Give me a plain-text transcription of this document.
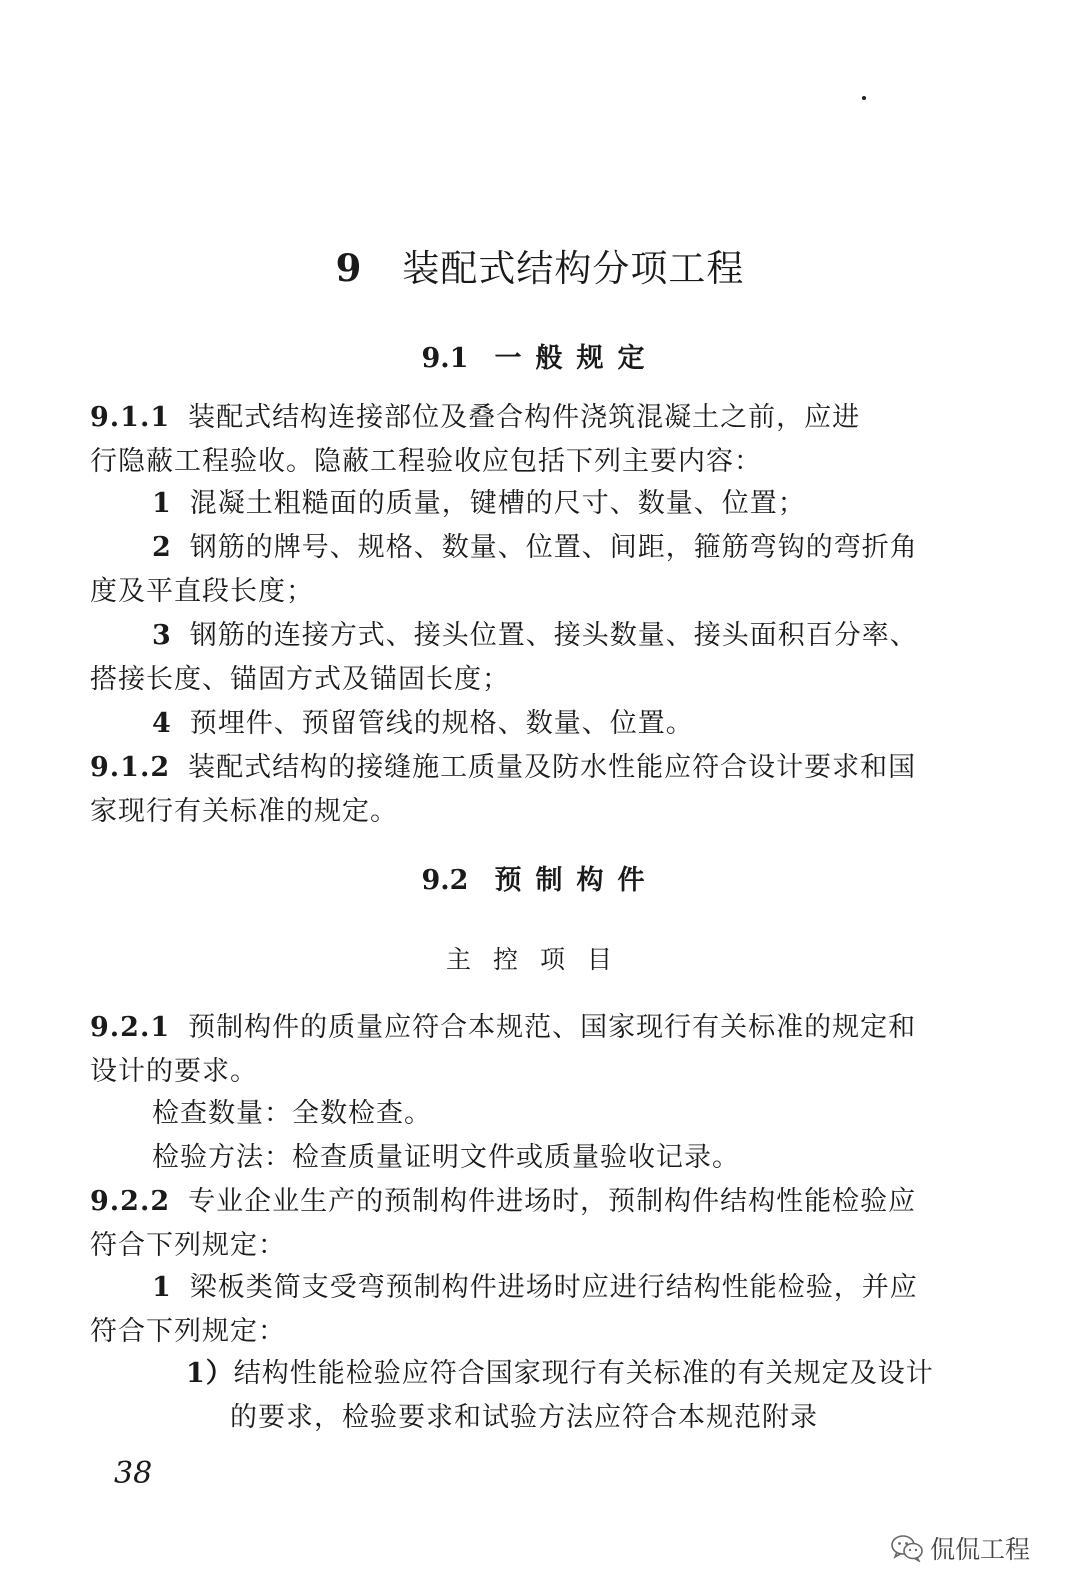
9 装配式结构分项工程
9.1 一般规定
9.1.1 装配式结构连接部位及叠合构件浇筑混凝土之前，应进
行隐蔽工程验收。隐蔽工程验收应包括下列主要内容：
1 混凝土粗糙面的质量，键槽的尺寸、数量、位置；
2 钢筋的牌号、规格、数量、位置、间距，箍筋弯钩的弯折角度及平直段长度；
3 钢筋的连接方式、接头位置、接头数量、接头面积百分率、搭接长度、锚固方式及锚固长度；
4 预埋件、预留管线的规格、数量、位置。
9.1.2 装配式结构的接缝施工质量及防水性能应符合设计要求和国家现行有关标准的规定。
9.2 预制构件
主控项目
9.2.1 预制构件的质量应符合本规范、国家现行有关标准的规定和设计的要求。
检查数量：全数检查。
检验方法：检查质量证明文件或质量验收记录。
9.2.2 专业企业生产的预制构件进场时，预制构件结构性能检验应符合下列规定：
1 梁板类简支受弯预制构件进场时应进行结构性能检验，并应符合下列规定：
1）结构性能检验应符合国家现行有关标准的有关规定及设计的要求，检验要求和试验方法应符合本规范附录
38
侃侃工程
